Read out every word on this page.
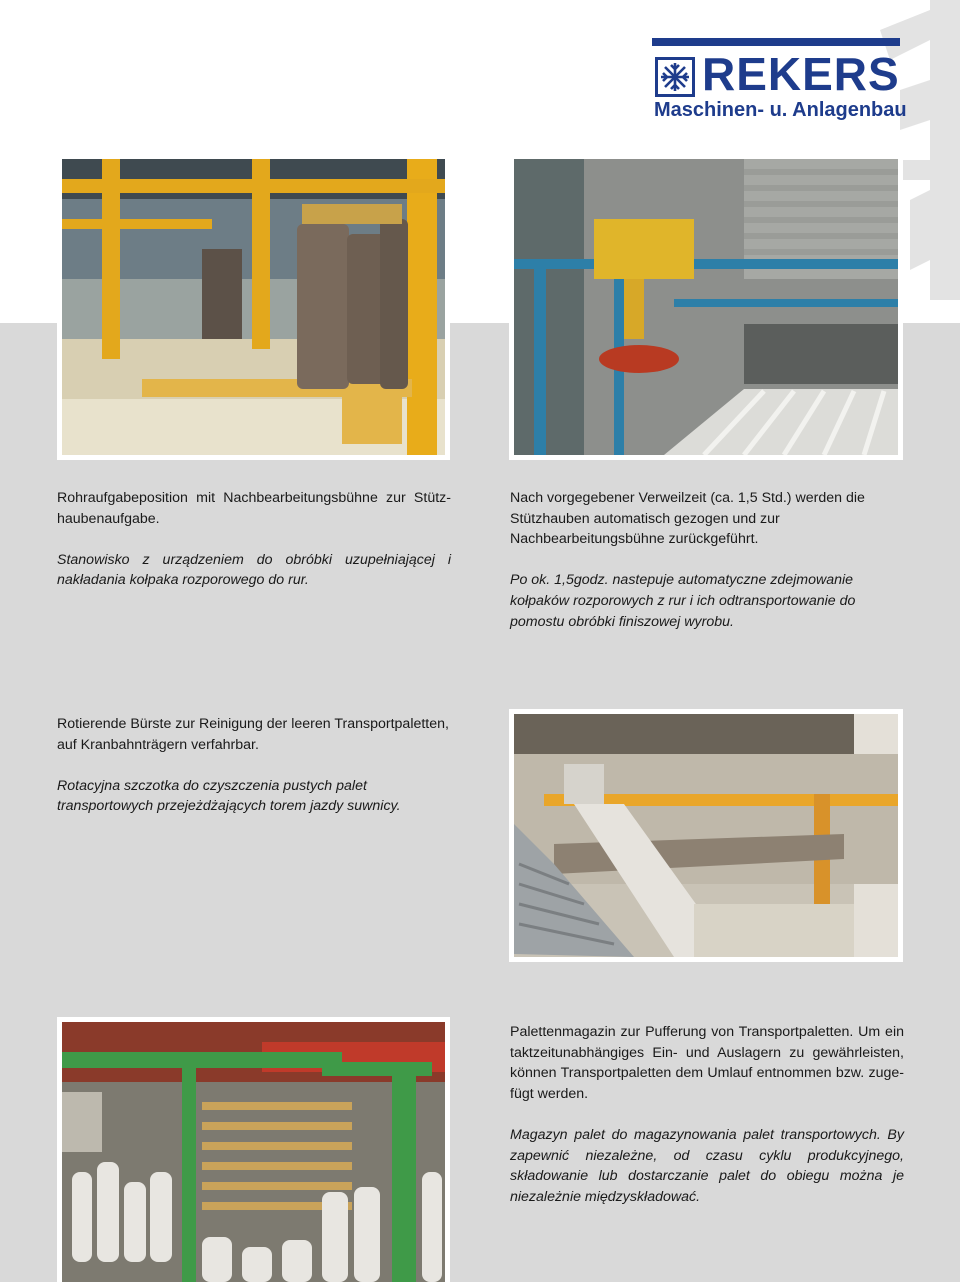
REKERS
Maschinen- u. Anlagenbau

Rohraufgabeposition mit Nachbearbeitungsbühne zur Stützhaubenaufgabe.

Stanowisko z urządzeniem do obróbki uzupełniającej i nakładania kołpaka rozporowego do rur.

Nach vorgegebener Verweilzeit (ca. 1,5 Std.) werden die Stützhauben automatisch gezogen und zur Nachbearbeitungsbühne zurückgeführt.

Po ok. 1,5godz. nastepuje automatyczne zdejmowanie kołpaków rozporowych z rur i ich odtransportowanie do pomostu obróbki finiszowej wyrobu.

Rotierende Bürste zur Reinigung der leeren Transportpaletten, auf Kranbahnträgern verfahrbar.

Rotacyjna szczotka do czyszczenia pustych palet transportowych przejeżdżających torem jazdy suwnicy.

Palettenmagazin zur Pufferung von Transportpaletten. Um ein taktzeitunabhängiges Ein- und Auslagern zu gewährleisten, können Transportpaletten dem Umlauf entnommen bzw. zugefügt werden.

Magazyn palet do magazynowania palet transportowych. By zapewnić niezależne, od czasu cyklu produkcyjnego, składowanie lub dostarczanie palet do obiegu można je niezależnie międzyskładować.
